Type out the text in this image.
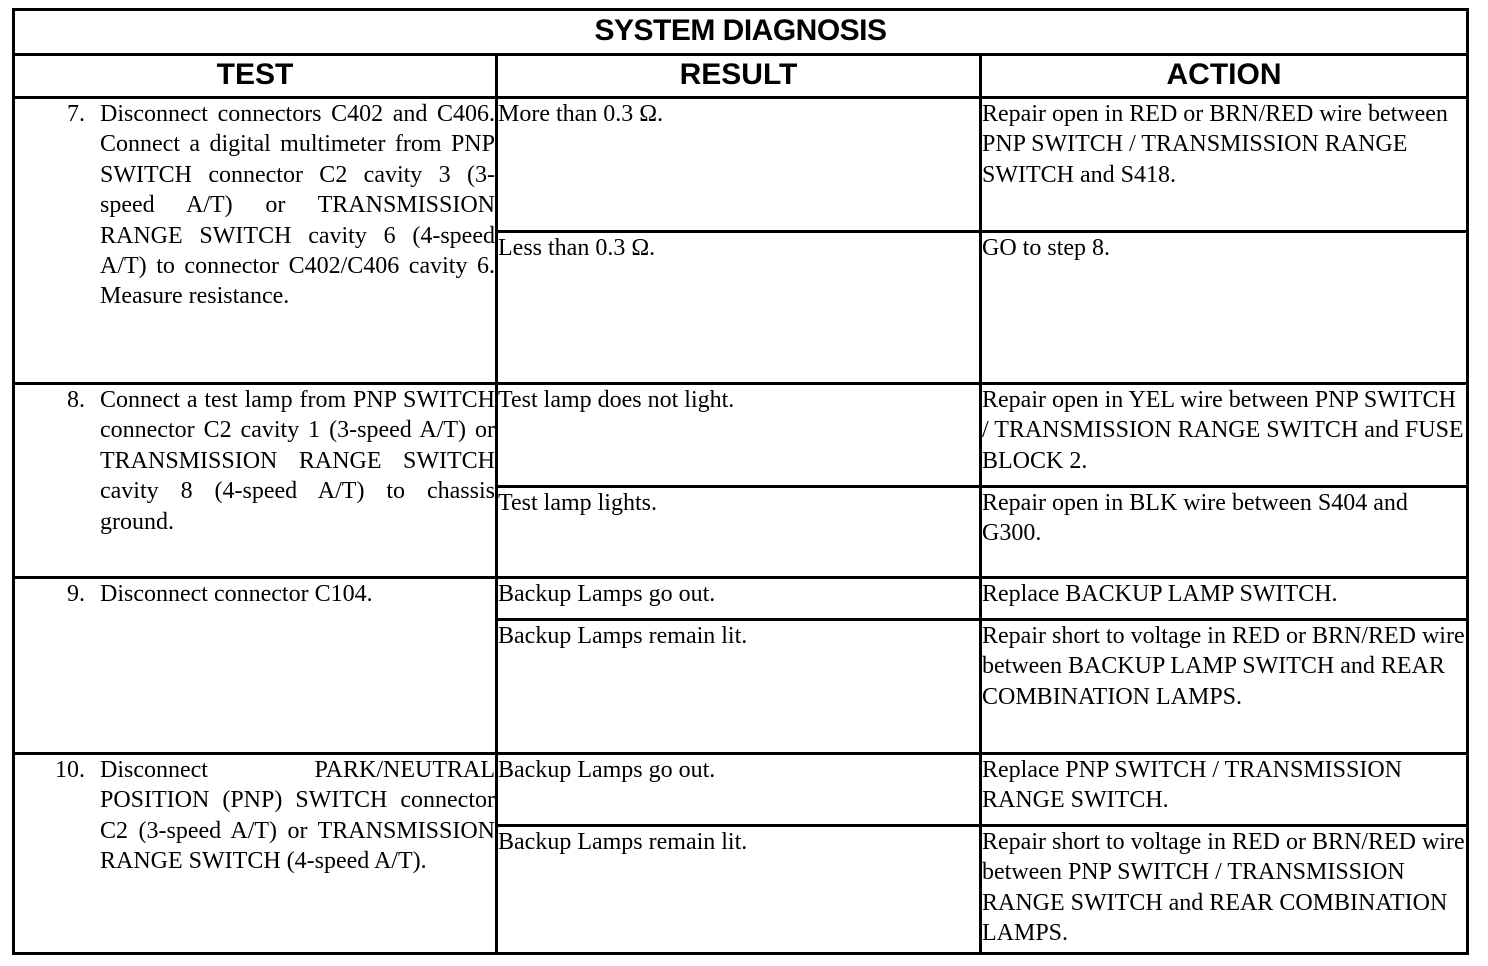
SYSTEM DIAGNOSIS		
TEST	RESULT	ACTION

7. Disconnect connectors C402 and C406. Connect a digital multimeter from PNP SWITCH connector C2 cavity 3 (3-speed A/T) or TRANSMISSION RANGE SWITCH cavity 6 (4-speed A/T) to connector C402/C406 cavity 6. Measure resistance.	More than 0.3 Ω.	Repair open in RED or BRN/RED wire between PNP SWITCH / TRANSMISSION RANGE SWITCH and S418.
	Less than 0.3 Ω.	GO to step 8.

8. Connect a test lamp from PNP SWITCH connector C2 cavity 1 (3-speed A/T) or TRANSMISSION RANGE SWITCH cavity 8 (4-speed A/T) to chassis ground.	Test lamp does not light.	Repair open in YEL wire between PNP SWITCH / TRANSMISSION RANGE SWITCH and FUSE BLOCK 2.
	Test lamp lights.	Repair open in BLK wire between S404 and G300.

9. Disconnect connector C104.	Backup Lamps go out.	Replace BACKUP LAMP SWITCH.
	Backup Lamps remain lit.	Repair short to voltage in RED or BRN/RED wire between BACKUP LAMP SWITCH and REAR COMBINATION LAMPS.

10. Disconnect PARK/NEUTRAL POSITION (PNP) SWITCH connector C2 (3-speed A/T) or TRANSMISSION RANGE SWITCH (4-speed A/T).	Backup Lamps go out.	Replace PNP SWITCH / TRANSMISSION RANGE SWITCH.
	Backup Lamps remain lit.	Repair short to voltage in RED or BRN/RED wire between PNP SWITCH / TRANSMISSION RANGE SWITCH and REAR COMBINATION LAMPS.
